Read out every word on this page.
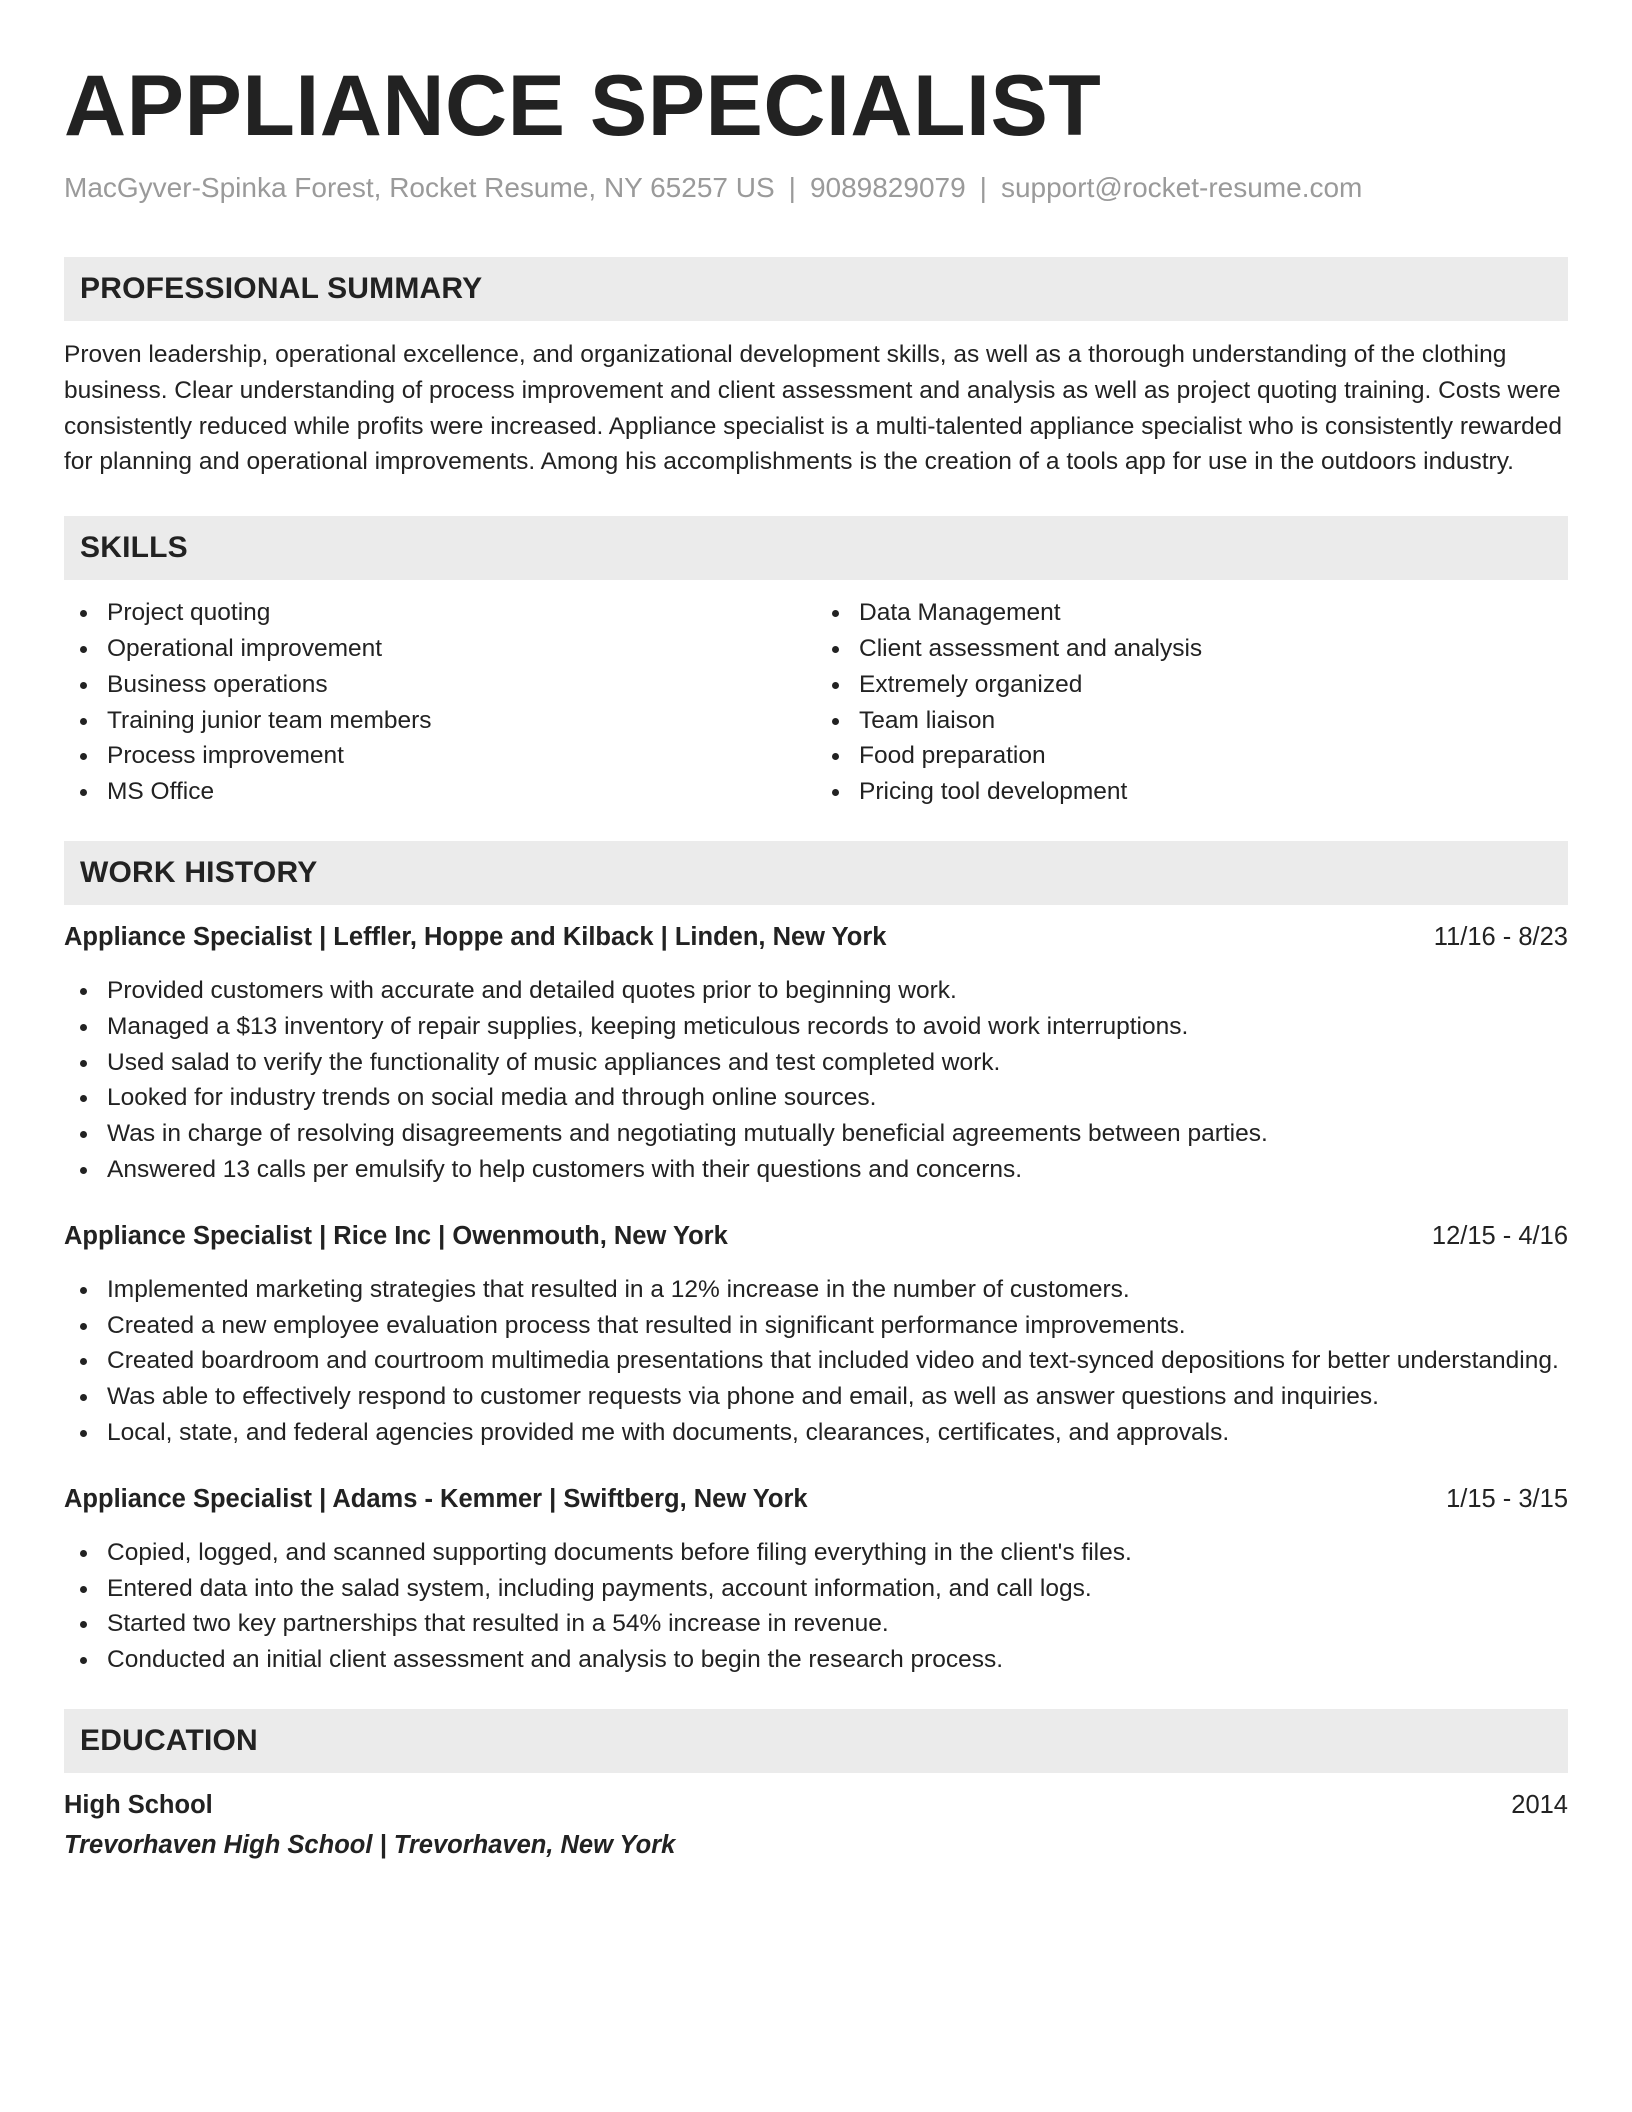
APPLIANCE SPECIALIST
MacGyver-Spinka Forest, Rocket Resume, NY 65257 US | 9089829079 | support@rocket-resume.com
PROFESSIONAL SUMMARY
Proven leadership, operational excellence, and organizational development skills, as well as a thorough understanding of the clothing business. Clear understanding of process improvement and client assessment and analysis as well as project quoting training. Costs were consistently reduced while profits were increased. Appliance specialist is a multi-talented appliance specialist who is consistently rewarded for planning and operational improvements. Among his accomplishments is the creation of a tools app for use in the outdoors industry.
SKILLS
Project quoting
Operational improvement
Business operations
Training junior team members
Process improvement
MS Office
Data Management
Client assessment and analysis
Extremely organized
Team liaison
Food preparation
Pricing tool development
WORK HISTORY
Appliance Specialist | Leffler, Hoppe and Kilback | Linden, New York	11/16 - 8/23
Provided customers with accurate and detailed quotes prior to beginning work.
Managed a $13 inventory of repair supplies, keeping meticulous records to avoid work interruptions.
Used salad to verify the functionality of music appliances and test completed work.
Looked for industry trends on social media and through online sources.
Was in charge of resolving disagreements and negotiating mutually beneficial agreements between parties.
Answered 13 calls per emulsify to help customers with their questions and concerns.
Appliance Specialist | Rice Inc | Owenmouth, New York	12/15 - 4/16
Implemented marketing strategies that resulted in a 12% increase in the number of customers.
Created a new employee evaluation process that resulted in significant performance improvements.
Created boardroom and courtroom multimedia presentations that included video and text-synced depositions for better understanding.
Was able to effectively respond to customer requests via phone and email, as well as answer questions and inquiries.
Local, state, and federal agencies provided me with documents, clearances, certificates, and approvals.
Appliance Specialist | Adams - Kemmer | Swiftberg, New York	1/15 - 3/15
Copied, logged, and scanned supporting documents before filing everything in the client's files.
Entered data into the salad system, including payments, account information, and call logs.
Started two key partnerships that resulted in a 54% increase in revenue.
Conducted an initial client assessment and analysis to begin the research process.
EDUCATION
High School	2014
Trevorhaven High School | Trevorhaven, New York
